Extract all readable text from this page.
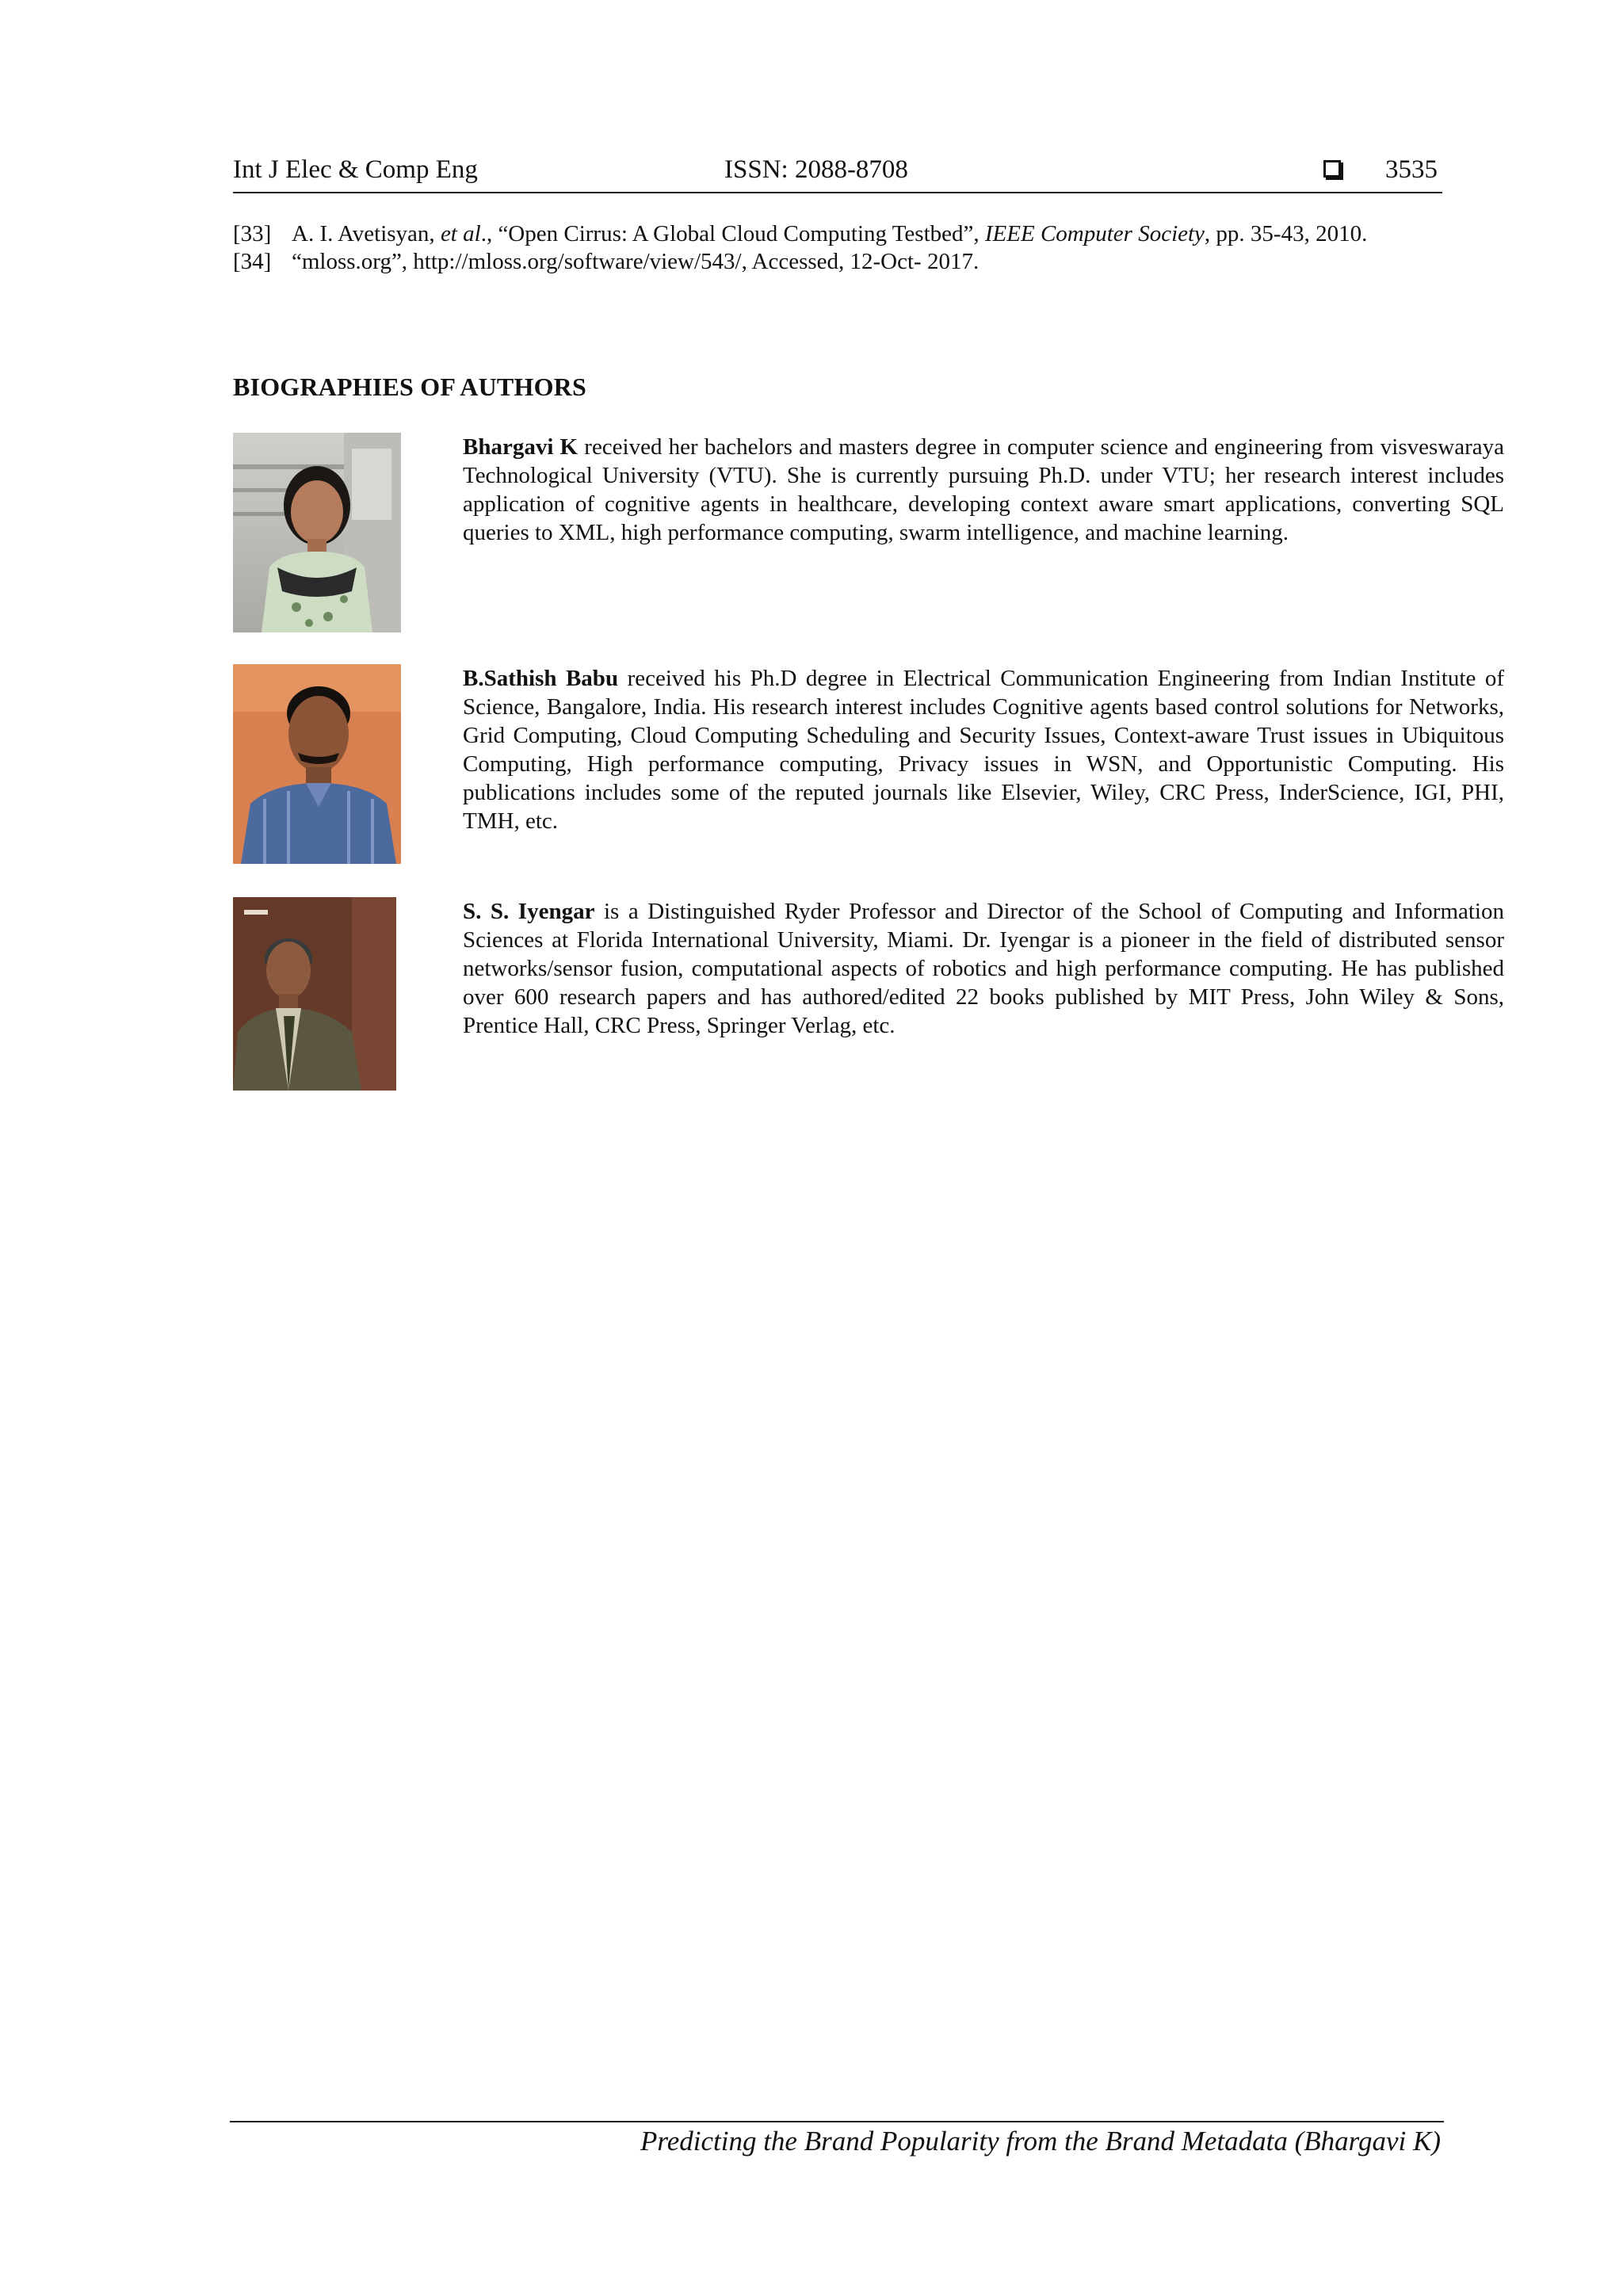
Int J Elec & Comp Eng	ISSN: 2088-8708	3535
[33] A. I. Avetisyan, et al., “Open Cirrus: A Global Cloud Computing Testbed”, IEEE Computer Society, pp. 35-43, 2010.
[34] “mloss.org”, http://mloss.org/software/view/543/, Accessed, 12-Oct- 2017.
BIOGRAPHIES OF AUTHORS
Bhargavi K received her bachelors and masters degree in computer science and engineering from visveswaraya Technological University (VTU). She is currently pursuing Ph.D. under VTU; her research interest includes application of cognitive agents in healthcare, developing context aware smart applications, converting SQL queries to XML, high performance computing, swarm intelligence, and machine learning.
B.Sathish Babu received his Ph.D degree in Electrical Communication Engineering from Indian Institute of Science, Bangalore, India. His research interest includes Cognitive agents based control solutions for Networks, Grid Computing, Cloud Computing Scheduling and Security Issues, Context-aware Trust issues in Ubiquitous Computing, High performance computing, Privacy issues in WSN, and Opportunistic Computing. His publications includes some of the reputed journals like Elsevier, Wiley, CRC Press, InderScience, IGI, PHI, TMH, etc.
S. S. Iyengar is a Distinguished Ryder Professor and Director of the School of Computing and Information Sciences at Florida International University, Miami. Dr. Iyengar is a pioneer in the field of distributed sensor networks/sensor fusion, computational aspects of robotics and high performance computing. He has published over 600 research papers and has authored/edited 22 books published by MIT Press, John Wiley & Sons, Prentice Hall, CRC Press, Springer Verlag, etc.
Predicting the Brand Popularity from the Brand Metadata (Bhargavi K)
